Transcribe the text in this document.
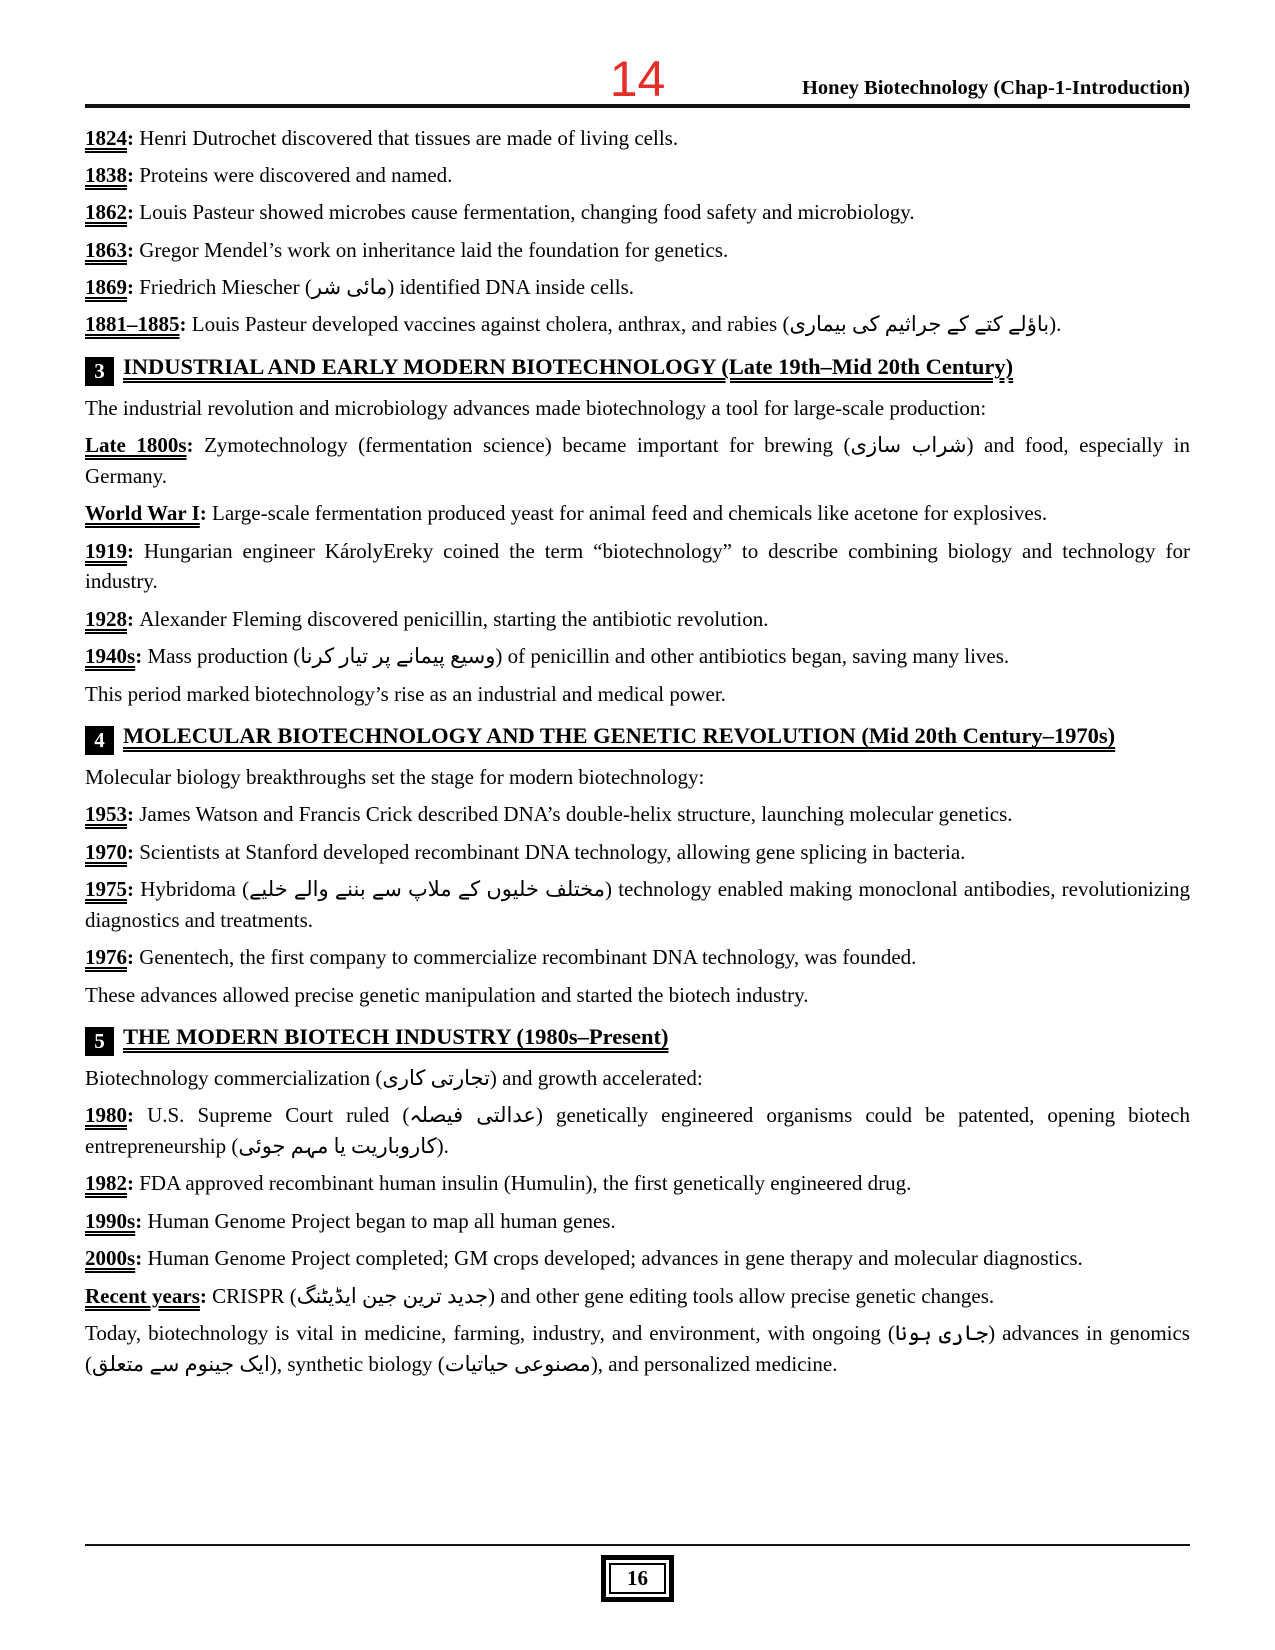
14	Honey Biotechnology (Chap-1-Introduction)

1824: Henri Dutrochet discovered that tissues are made of living cells.

1838: Proteins were discovered and named.

1862: Louis Pasteur showed microbes cause fermentation, changing food safety and microbiology.

1863: Gregor Mendel’s work on inheritance laid the foundation for genetics.

1869: Friedrich Miescher (مائی شر) identified DNA inside cells.

1881–1885: Louis Pasteur developed vaccines against cholera, anthrax, and rabies (باؤلے کتے کے جراثیم کی بیماری).

3 INDUSTRIAL AND EARLY MODERN BIOTECHNOLOGY (Late 19th–Mid 20th Century)

The industrial revolution and microbiology advances made biotechnology a tool for large-scale production:

Late 1800s: Zymotechnology (fermentation science) became important for brewing (شراب سازی) and food, especially in Germany.

World War I: Large-scale fermentation produced yeast for animal feed and chemicals like acetone for explosives.

1919: Hungarian engineer KárolyEreky coined the term “biotechnology” to describe combining biology and technology for industry.

1928: Alexander Fleming discovered penicillin, starting the antibiotic revolution.

1940s: Mass production (وسیع پیمانے پر تیار کرنا) of penicillin and other antibiotics began, saving many lives.

This period marked biotechnology’s rise as an industrial and medical power.

4 MOLECULAR BIOTECHNOLOGY AND THE GENETIC REVOLUTION (Mid 20th Century–1970s)

Molecular biology breakthroughs set the stage for modern biotechnology:

1953: James Watson and Francis Crick described DNA’s double-helix structure, launching molecular genetics.

1970: Scientists at Stanford developed recombinant DNA technology, allowing gene splicing in bacteria.

1975: Hybridoma (مختلف خلیوں کے ملاپ سے بننے والے خلیے) technology enabled making monoclonal antibodies, revolutionizing diagnostics and treatments.

1976: Genentech, the first company to commercialize recombinant DNA technology, was founded.

These advances allowed precise genetic manipulation and started the biotech industry.

5 THE MODERN BIOTECH INDUSTRY (1980s–Present)

Biotechnology commercialization (تجارتی کاری) and growth accelerated:

1980: U.S. Supreme Court ruled (عدالتی فیصلہ) genetically engineered organisms could be patented, opening biotech entrepreneurship (کاروباریت یا مہم جوئی).

1982: FDA approved recombinant human insulin (Humulin), the first genetically engineered drug.

1990s: Human Genome Project began to map all human genes.

2000s: Human Genome Project completed; GM crops developed; advances in gene therapy and molecular diagnostics.

Recent years: CRISPR (جدید ترین جین ایڈیٹنگ) and other gene editing tools allow precise genetic changes.

Today, biotechnology is vital in medicine, farming, industry, and environment, with ongoing (جاری ہونا) advances in genomics (ایک جینوم سے متعلق), synthetic biology (مصنوعی حیاتیات), and personalized medicine.

16
